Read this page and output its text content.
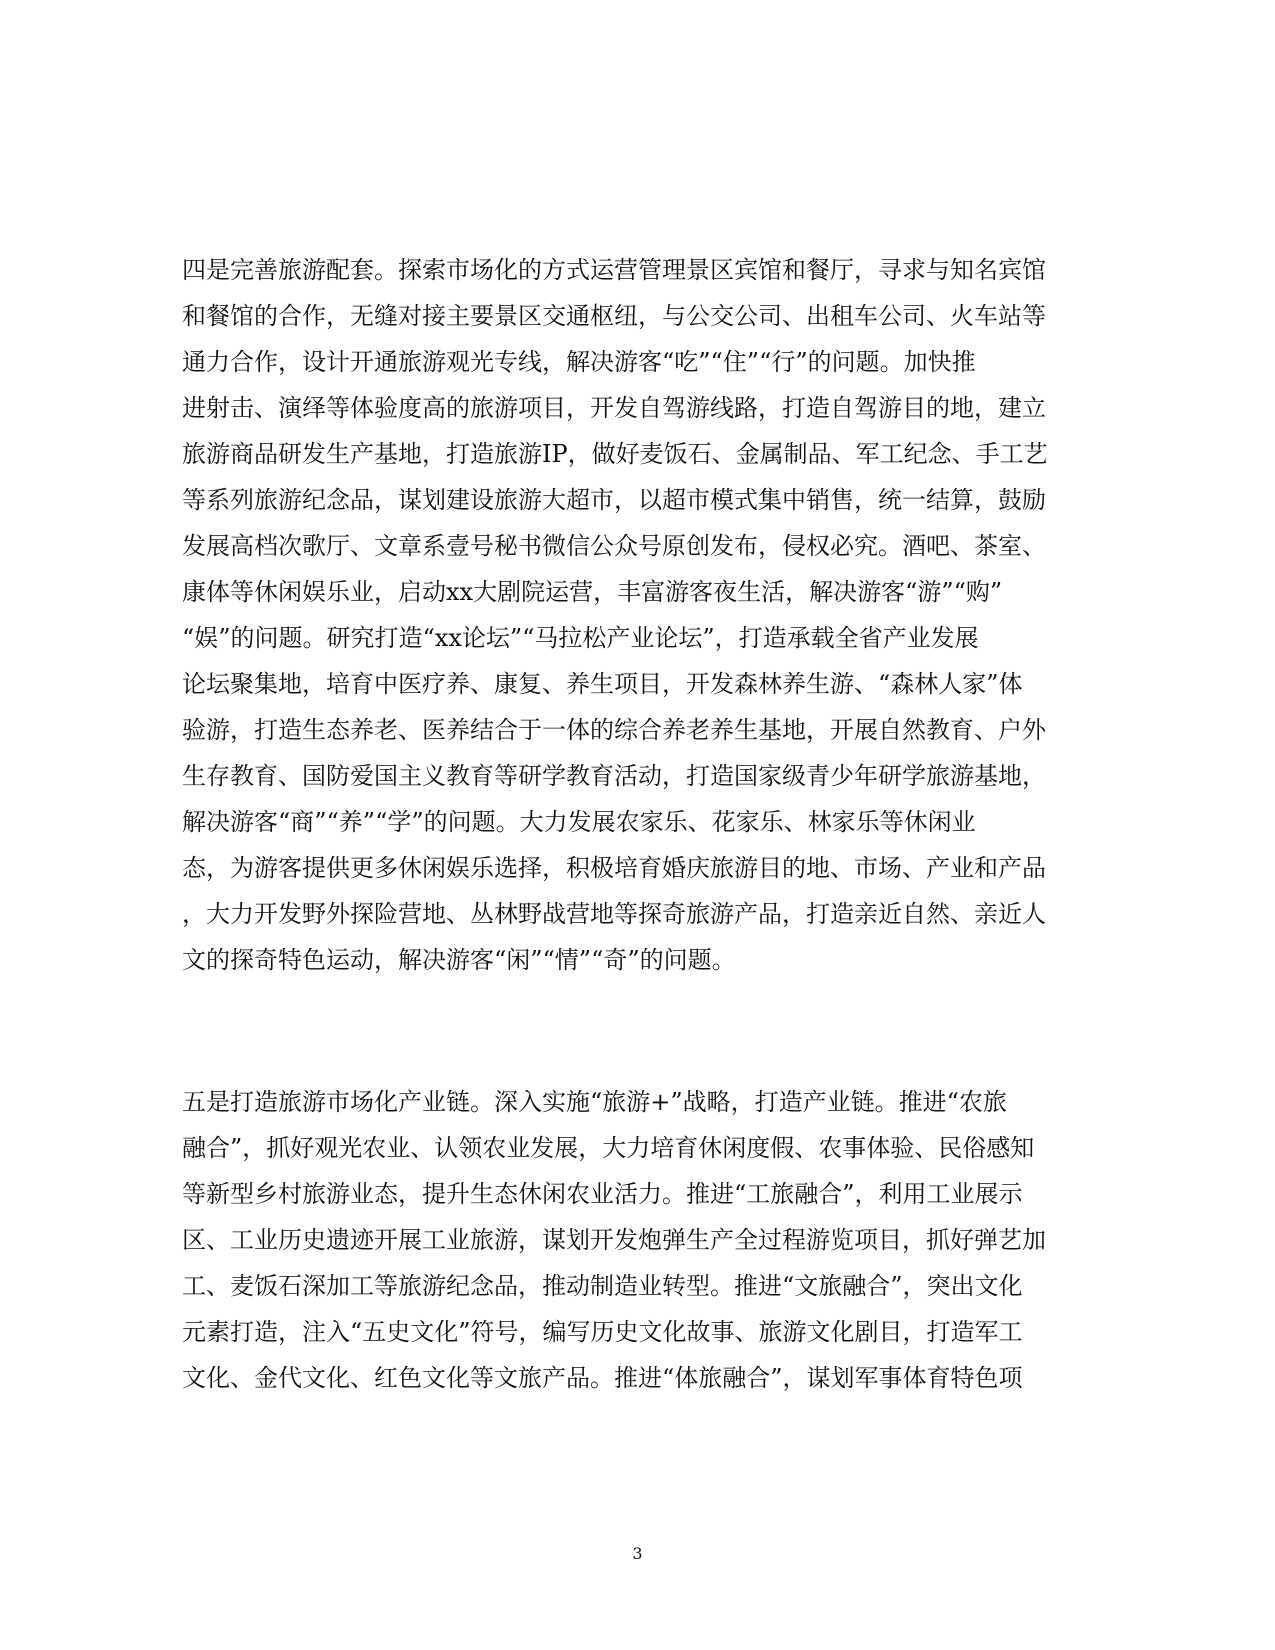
四是完善旅游配套。探索市场化的方式运营管理景区宾馆和餐厅，寻求与知名宾馆
和餐馆的合作，无缝对接主要景区交通枢纽，与公交公司、出租车公司、火车站等
通力合作，设计开通旅游观光专线，解决游客“吃”“住”“行”的问题。加快推
进射击、演绎等体验度高的旅游项目，开发自驾游线路，打造自驾游目的地，建立
旅游商品研发生产基地，打造旅游IP，做好麦饭石、金属制品、军工纪念、手工艺
等系列旅游纪念品，谋划建设旅游大超市，以超市模式集中销售，统一结算，鼓励
发展高档次歌厅、文章系壹号秘书微信公众号原创发布，侵权必究。酒吧、茶室、
康体等休闲娱乐业，启动xx大剧院运营，丰富游客夜生活，解决游客“游”“购”
“娱”的问题。研究打造“xx论坛”“马拉松产业论坛”，打造承载全省产业发展
论坛聚集地，培育中医疗养、康复、养生项目，开发森林养生游、“森林人家”体
验游，打造生态养老、医养结合于一体的综合养老养生基地，开展自然教育、户外
生存教育、国防爱国主义教育等研学教育活动，打造国家级青少年研学旅游基地，
解决游客“商”“养”“学”的问题。大力发展农家乐、花家乐、林家乐等休闲业
态，为游客提供更多休闲娱乐选择，积极培育婚庆旅游目的地、市场、产业和产品
，大力开发野外探险营地、丛林野战营地等探奇旅游产品，打造亲近自然、亲近人
文的探奇特色运动，解决游客“闲”“情”“奇”的问题。
五是打造旅游市场化产业链。深入实施“旅游+”战略，打造产业链。推进“农旅
融合”，抓好观光农业、认领农业发展，大力培育休闲度假、农事体验、民俗感知
等新型乡村旅游业态，提升生态休闲农业活力。推进“工旅融合”，利用工业展示
区、工业历史遗迹开展工业旅游，谋划开发炮弹生产全过程游览项目，抓好弹艺加
工、麦饭石深加工等旅游纪念品，推动制造业转型。推进“文旅融合”，突出文化
元素打造，注入“五史文化”符号，编写历史文化故事、旅游文化剧目，打造军工
文化、金代文化、红色文化等文旅产品。推进“体旅融合”，谋划军事体育特色项
3
